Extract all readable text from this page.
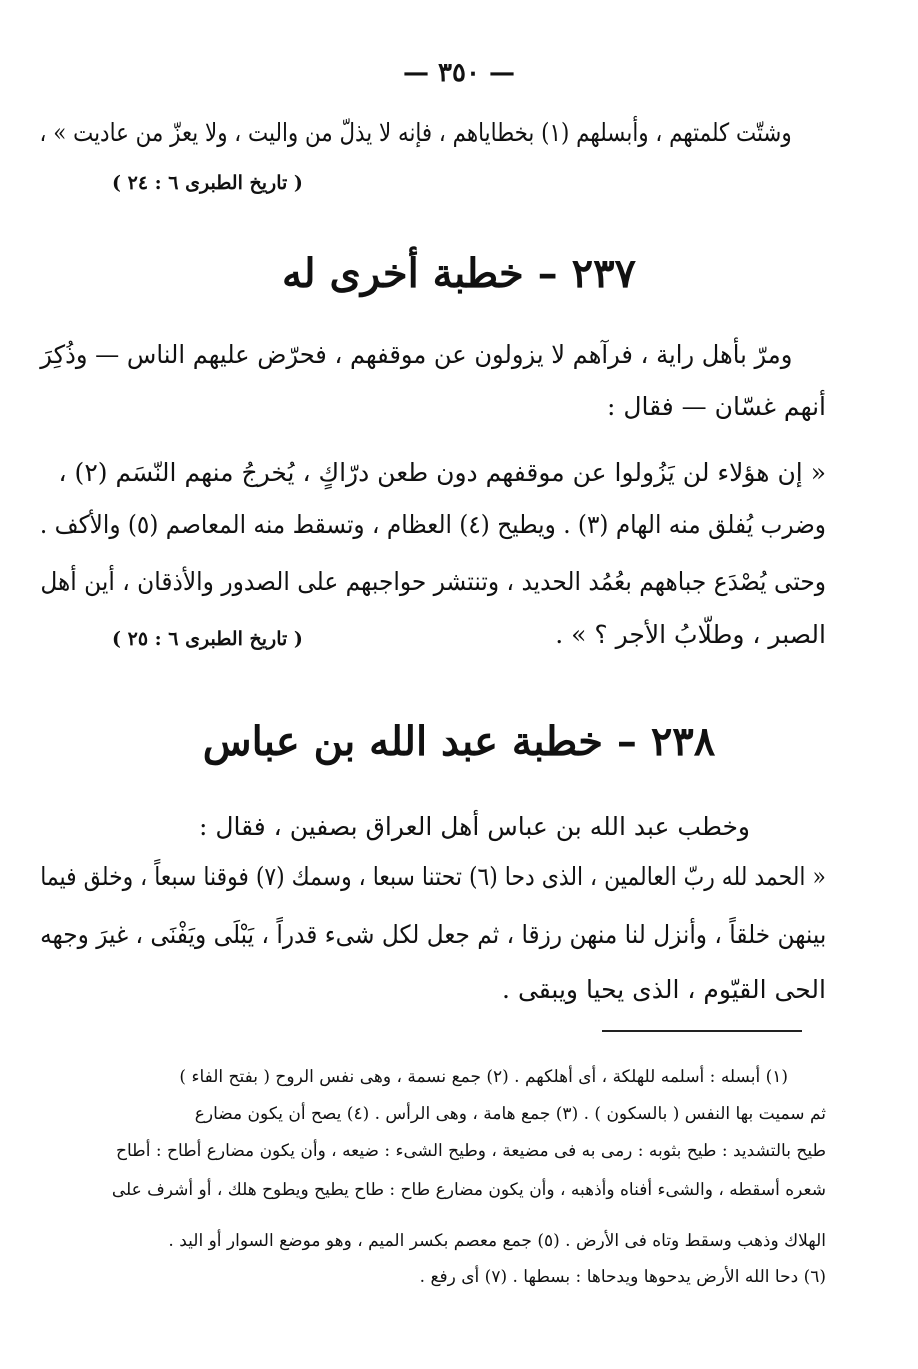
— ٣٥٠ —
وشتّت كلمتهم ، وأبسلهم (١) بخطاياهم ، فإنه لا يذلّ من واليت ، ولا يعزّ من عاديت » ،
( تاريخ الطبرى ٦ : ٢٤ )
٢٣٧ – خطبة أخرى له
ومرّ بأهل راية ، فرآهم لا يزولون عن موقفهم ، فحرّض عليهم الناس — وذُكِرَ
أنهم غسّان — فقال :
« إن هؤلاء لن يَزُولوا عن موقفهم دون طعن درّاكٍ ، يُخرجُ منهم النّسَم (٢) ،
وضرب يُفلق منه الهام (٣) . ويطيح (٤) العظام ، وتسقط منه المعاصم (٥) والأكف .
وحتى يُصْدَع جباههم بعُمُد الحديد ، وتنتشر حواجبهم على الصدور والأذقان ، أين أهل
الصبر ، وطلّابُ الأجر ؟ » .
( تاريخ الطبرى ٦ : ٢٥ )
٢٣٨ – خطبة عبد الله بن عباس
وخطب عبد الله بن عباس أهل العراق بصفين ، فقال :
« الحمد لله ربّ العالمين ، الذى دحا (٦) تحتنا سبعا ، وسمك (٧) فوقنا سبعاً ، وخلق فيما
بينهن خلقاً ، وأنزل لنا منهن رزقا ، ثم جعل لكل شىء قدراً ، يَبْلَى ويَفْنَى ، غيرَ وجهه
الحى القيّوم ، الذى يحيا ويبقى .
(١) أبسله : أسلمه للهلكة ، أى أهلكهم . (٢) جمع نسمة ، وهى نفس الروح ( بفتح الفاء )
ثم سميت بها النفس ( بالسكون ) . (٣) جمع هامة ، وهى الرأس . (٤) يصح أن يكون مضارع
طيح بالتشديد : طيح بثوبه : رمى به فى مضيعة ، وطيح الشىء : ضيعه ، وأن يكون مضارع أطاح : أطاح
شعره أسقطه ، والشىء أفناه وأذهبه ، وأن يكون مضارع طاح : طاح يطيح ويطوح هلك ، أو أشرف على
الهلاك وذهب وسقط وتاه فى الأرض . (٥) جمع معصم بكسر الميم ، وهو موضع السوار أو اليد .
(٦) دحا الله الأرض يدحوها ويدحاها : بسطها . (٧) أى رفع .
